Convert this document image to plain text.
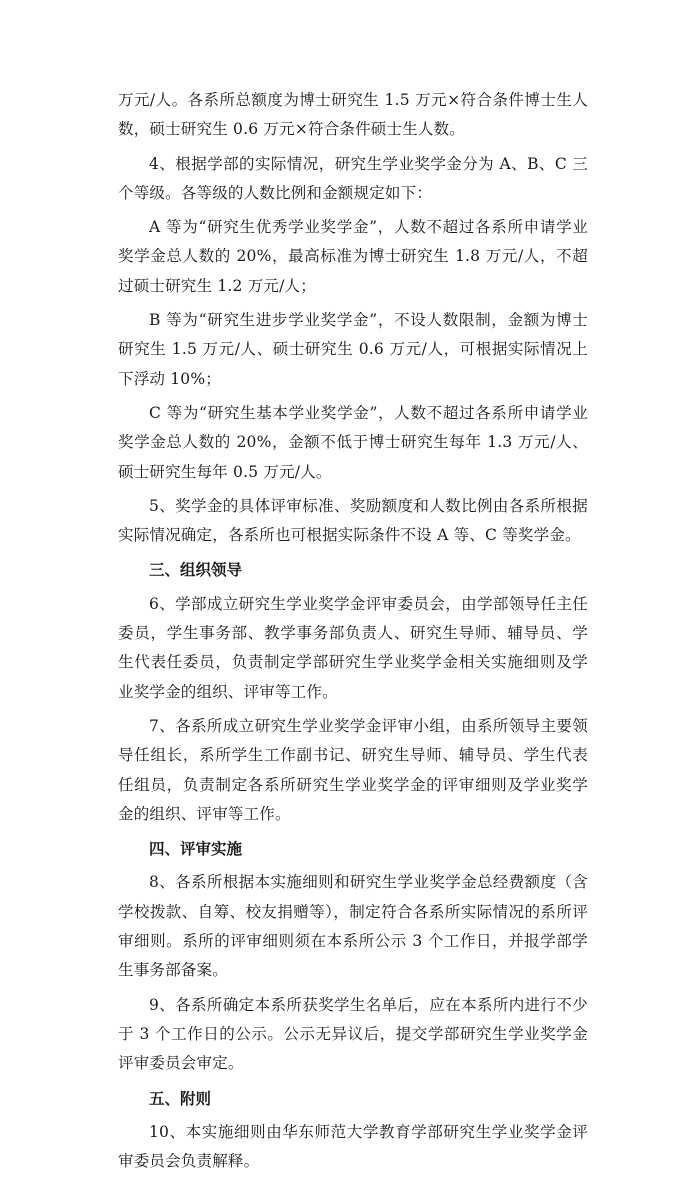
万元/人。各系所总额度为博士研究生 1.5 万元×符合条件博士生人数，硕士研究生 0.6 万元×符合条件硕士生人数。

4、根据学部的实际情况，研究生学业奖学金分为 A、B、C 三个等级。各等级的人数比例和金额规定如下：

A 等为“研究生优秀学业奖学金”，人数不超过各系所申请学业奖学金总人数的 20%，最高标准为博士研究生 1.8 万元/人，不超过硕士研究生 1.2 万元/人；

B 等为“研究生进步学业奖学金”，不设人数限制，金额为博士研究生 1.5 万元/人、硕士研究生 0.6 万元/人，可根据实际情况上下浮动 10%；

C 等为“研究生基本学业奖学金”，人数不超过各系所申请学业奖学金总人数的 20%，金额不低于博士研究生每年 1.3 万元/人、硕士研究生每年 0.5 万元/人。

5、奖学金的具体评审标准、奖励额度和人数比例由各系所根据实际情况确定，各系所也可根据实际条件不设 A 等、C 等奖学金。

三、组织领导

6、学部成立研究生学业奖学金评审委员会，由学部领导任主任委员，学生事务部、教学事务部负责人、研究生导师、辅导员、学生代表任委员，负责制定学部研究生学业奖学金相关实施细则及学业奖学金的组织、评审等工作。

7、各系所成立研究生学业奖学金评审小组，由系所领导主要领导任组长，系所学生工作副书记、研究生导师、辅导员、学生代表任组员，负责制定各系所研究生学业奖学金的评审细则及学业奖学金的组织、评审等工作。

四、评审实施

8、各系所根据本实施细则和研究生学业奖学金总经费额度（含学校拨款、自筹、校友捐赠等），制定符合各系所实际情况的系所评审细则。系所的评审细则须在本系所公示 3 个工作日，并报学部学生事务部备案。

9、各系所确定本系所获奖学生名单后，应在本系所内进行不少于 3 个工作日的公示。公示无异议后，提交学部研究生学业奖学金评审委员会审定。

五、附则

10、本实施细则由华东师范大学教育学部研究生学业奖学金评审委员会负责解释。
